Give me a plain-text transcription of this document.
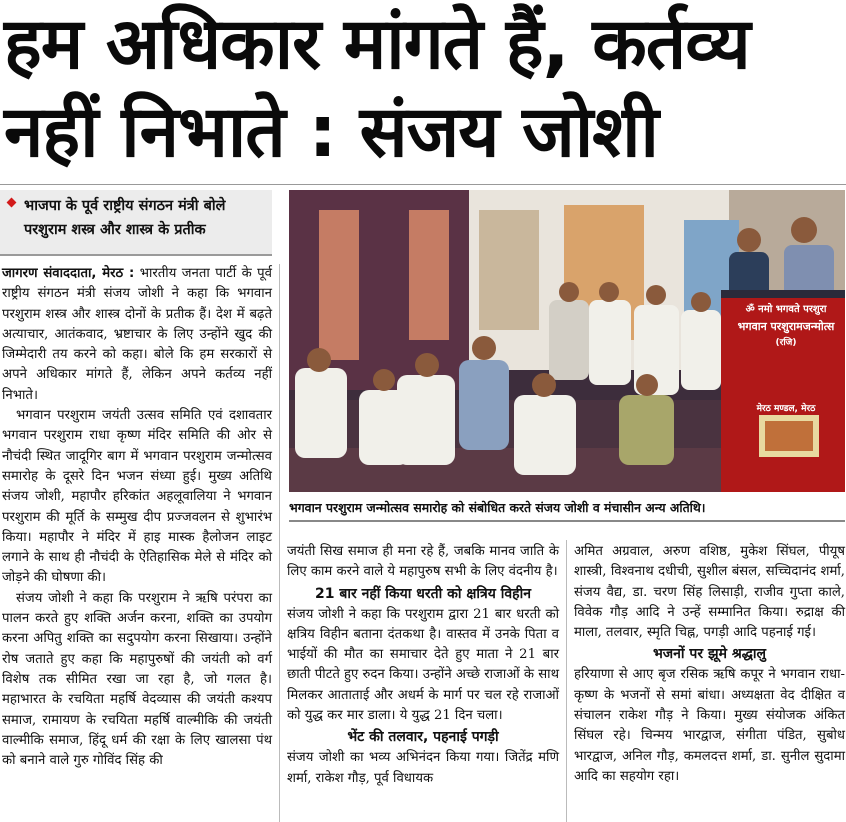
हम अधिकार मांगते हैं, कर्तव्य
नहीं निभाते : संजय जोशी
भाजपा के पूर्व राष्ट्रीय संगठन मंत्री बोले परशुराम शस्त्र और शास्त्र के प्रतीक

जागरण संवाददाता, मेरठ : भारतीय जनता पार्टी के पूर्व राष्ट्रीय संगठन मंत्री संजय जोशी ने कहा कि भगवान परशुराम शस्त्र और शास्त्र दोनों के प्रतीक हैं। देश में बढ़ते अत्याचार, आतंकवाद, भ्रष्टाचार के लिए उन्होंने खुद की जिम्मेदारी तय करने को कहा। बोले कि हम सरकारों से अपने अधिकार मांगते हैं, लेकिन अपने कर्तव्य नहीं निभाते।

भगवान परशुराम जयंती उत्सव समिति एवं दशावतार भगवान परशुराम राधा कृष्ण मंदिर समिति की ओर से नौचंदी स्थित जादूगिर बाग में भगवान परशुराम जन्मोत्सव समारोह के दूसरे दिन भजन संध्या हुई। मुख्य अतिथि संजय जोशी, महापौर हरिकांत अहलूवालिया ने भगवान परशुराम की मूर्ति के सम्मुख दीप प्रज्जवलन से शुभारंभ किया। महापौर ने मंदिर में हाइ मास्क हैलोजन लाइट लगाने के साथ ही नौचंदी के ऐतिहासिक मेले से मंदिर को जोड़ने की घोषणा की।

संजय जोशी ने कहा कि परशुराम ने ऋषि परंपरा का पालन करते हुए शक्ति अर्जन करना, शक्ति का उपयोग करना अपितु शक्ति का सदुपयोग करना सिखाया। उन्होंने रोष जताते हुए कहा कि महापुरुषों की जयंती को वर्ग विशेष तक सीमित रखा जा रहा है, जो गलत है। महाभारत के रचयिता महर्षि वेदव्यास की जयंती कश्यप समाज, रामायण के रचयिता महर्षि वाल्मीकि की जयंती वाल्मीकि समाज, हिंदू धर्म की रक्षा के लिए खालसा पंथ को बनाने वाले गुरु गोविंद सिंह की

ॐ नमो भगवते परशुरा
भगवान परशुरामजन्मोत्स
(रजि)
मेरठ मण्डल, मेरठ
भगवान परशुराम जन्मोत्सव समारोह को संबोधित करते संजय जोशी व मंचासीन अन्य अतिथि।

जयंती सिख समाज ही मना रहे हैं, जबकि मानव जाति के लिए काम करने वाले ये महापुरुष सभी के लिए वंदनीय है।

21 बार नहीं किया धरती को क्षत्रिय विहीन

संजय जोशी ने कहा कि परशुराम द्वारा 21 बार धरती को क्षत्रिय विहीन बताना दंतकथा है। वास्तव में उनके पिता व भाईयों की मौत का समाचार देते हुए माता ने 21 बार छाती पीटते हुए रुदन किया। उन्होंने अच्छे राजाओं के साथ मिलकर आताताई और अधर्म के मार्ग पर चल रहे राजाओं को युद्ध कर मार डाला। ये युद्ध 21 दिन चला।

भेंट की तलवार, पहनाई पगड़ी

संजय जोशी का भव्य अभिनंदन किया गया। जितेंद्र मणि शर्मा, राकेश गौड़, पूर्व विधायक

अमित अग्रवाल, अरुण वशिष्ठ, मुकेश सिंघल, पीयूष शास्त्री, विश्वनाथ दधीची, सुशील बंसल, सच्चिदानंद शर्मा, संजय वैद्य, डा. चरण सिंह लिसाड़ी, राजीव गुप्ता काले, विवेक गौड़ आदि ने उन्हें सम्मानित किया। रुद्राक्ष की माला, तलवार, स्मृति चिह्न, पगड़ी आदि पहनाई गई।

भजनों पर झूमे श्रद्धालु

हरियाणा से आए बृज रसिक ऋषि कपूर ने भगवान राधा-कृष्ण के भजनों से समां बांधा। अध्यक्षता वेद दीक्षित व संचालन राकेश गौड़ ने किया। मुख्य संयोजक अंकित सिंघल रहे। चिन्मय भारद्वाज, संगीता पंडित, सुबोध भारद्वाज, अनिल गौड़, कमलदत्त शर्मा, डा. सुनील सुदामा आदि का सहयोग रहा।
